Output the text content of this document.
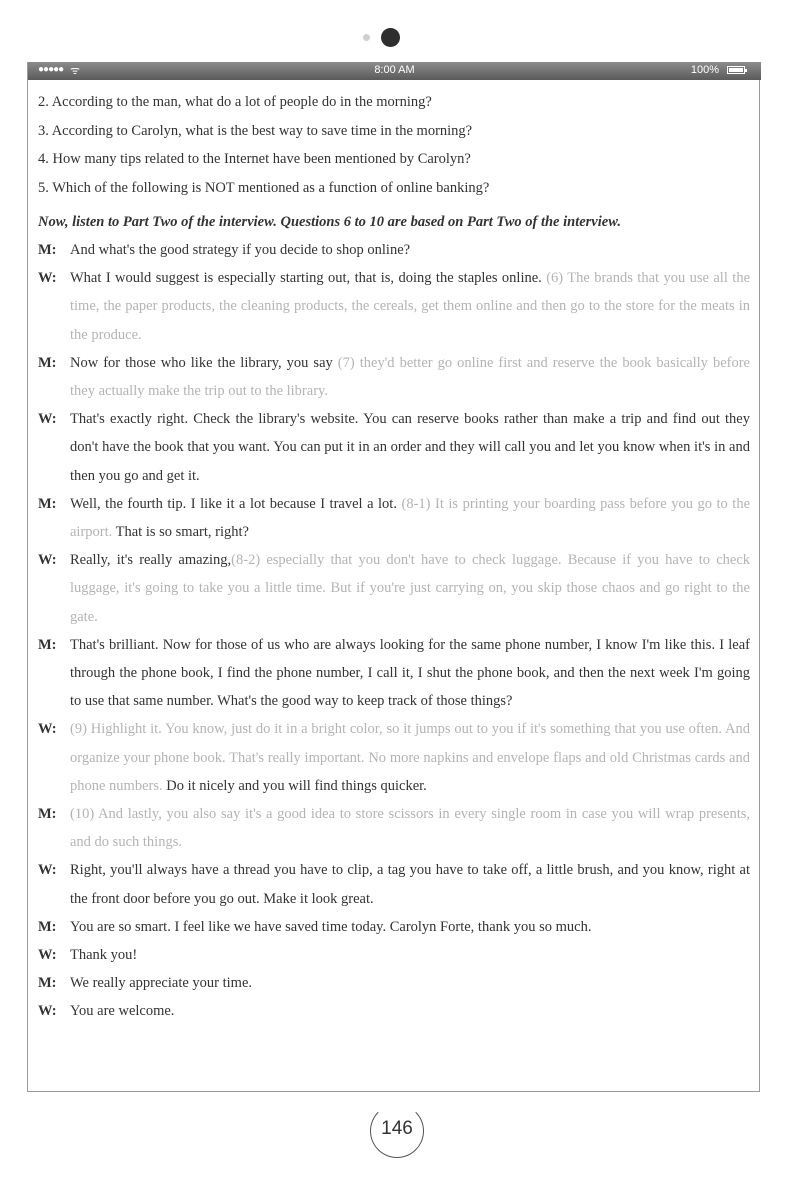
●●●●● ᯤ	8:00 AM	100%
2. According to the man, what do a lot of people do in the morning?
3. According to Carolyn, what is the best way to save time in the morning?
4. How many tips related to the Internet have been mentioned by Carolyn?
5. Which of the following is NOT mentioned as a function of online banking?
Now, listen to Part Two of the interview. Questions 6 to 10 are based on Part Two of the interview.
M: And what's the good strategy if you decide to shop online?
W: What I would suggest is especially starting out, that is, doing the staples online. (6) The brands that you use all the time, the paper products, the cleaning products, the cereals, get them online and then go to the store for the meats in the produce.
M: Now for those who like the library, you say (7) they'd better go online first and reserve the book basically before they actually make the trip out to the library.
W: That's exactly right. Check the library's website. You can reserve books rather than make a trip and find out they don't have the book that you want. You can put it in an order and they will call you and let you know when it's in and then you go and get it.
M: Well, the fourth tip. I like it a lot because I travel a lot. (8-1) It is printing your boarding pass before you go to the airport. That is so smart, right?
W: Really, it's really amazing,(8-2) especially that you don't have to check luggage. Because if you have to check luggage, it's going to take you a little time. But if you're just carrying on, you skip those chaos and go right to the gate.
M: That's brilliant. Now for those of us who are always looking for the same phone number, I know I'm like this. I leaf through the phone book, I find the phone number, I call it, I shut the phone book, and then the next week I'm going to use that same number. What's the good way to keep track of those things?
W: (9) Highlight it. You know, just do it in a bright color, so it jumps out to you if it's something that you use often. And organize your phone book. That's really important. No more napkins and envelope flaps and old Christmas cards and phone numbers. Do it nicely and you will find things quicker.
M: (10) And lastly, you also say it's a good idea to store scissors in every single room in case you will wrap presents, and do such things.
W: Right, you'll always have a thread you have to clip, a tag you have to take off, a little brush, and you know, right at the front door before you go out. Make it look great.
M: You are so smart. I feel like we have saved time today. Carolyn Forte, thank you so much.
W: Thank you!
M: We really appreciate your time.
W: You are welcome.
146
